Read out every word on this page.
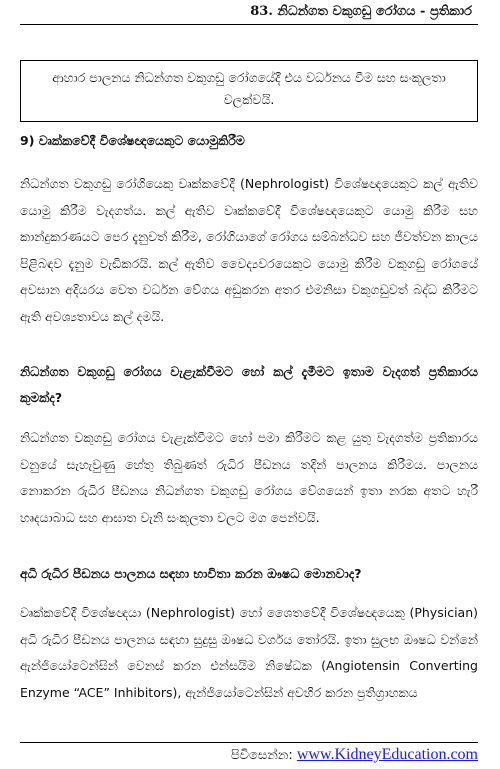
83. නිධන්ගත වකුගඩු රෝගය - ප්‍රතිකාර
ආහාර පාලනය නිධන්ගත වකුගඩු රෝගයේදී එය වර්ධනය වීම සහ සංකූලතා වලක්වයි.
9) වෘක්කවේදී විශේෂඥයෙකුට යොමුකිරීම
නිධන්ගත වකුගඩු රෝගියෙකු වෘක්කවේදී (Nephrologist) විශේෂඥයෙකුට කල් ඇතිව යොමු කිරීම වැදගත්ය. කල් ඇතිව වෘක්කවේදී විශේෂඥයෙකුට යොමු කිරීම සහ කාන්දුකරණයට පෙර දැනුවත් කිරීම, රෝගියාගේ රෝගය සම්බන්ධව සහ ජීවත්වන කාලය පිළිබඳව දැනුම වැඩිකරයි. කල් ඇතිව වෛද්‍යවරයෙකුට යොමු කිරීම වකුගඩු රෝගයේ අවසාන අදියරය වෙත වර්ධන වේගය අඩුකරන අතර එමනිසා වකුගඩුවත් බද්ධ කිරීමට ඇති අවශ්‍යතාවය කල් දමයි.
නිධන්ගත වකුගඩු රෝගය වැළැක්වීමට හෝ කල් දැමීමට ඉතාම වැදගත් ප්‍රතිකාරය කුමක්ද?
නිධන්ගත වකුගඩු රෝගය වැළැක්වීමට හෝ පමා කිරීමට කළ යුතු වැදගත්ම ප්‍රතිකාරය වනුයේ සැහැවුණු හේතු තිබුණත් රුධිර පීඩනය තදින් පාලනය කිරීමය. පාලනය නොකරන රුධිර පීඩනය නිධන්ගත වකුගඩු රෝගය වේගයෙන් ඉතා නරක අතට හැරී හෘදයාබාධ සහ ආඝාත වැනි සංකූලතා වලට මග පෙන්වයි.
අධි රුධිර පීඩනය පාලනය සඳහා භාවිතා කරන ඖෂධ මොනවාද?
වෘක්කවේදී විශේෂඥයා (Nephrologist) හෝ ශෛතවේදී විශේෂඥයෙකු (Physician) අධි රුධිර පීඩනය පාලනය සඳහා සුදුසු ඖෂධ වර්ගය තෝරයි. ඉතා සුලභ ඖෂධ වන්නේ ඇන්ජියෝටෙන්සින් වෙනස් කරන එන්සයිම නිෂේධක (Angiotensin Converting Enzyme “ACE” Inhibitors), ඇන්ජියෝටෙන්සින් අවහිර කරන ප්‍රතිග්‍රාහකය
පිවිසෙන්න: www.KidneyEducation.com
